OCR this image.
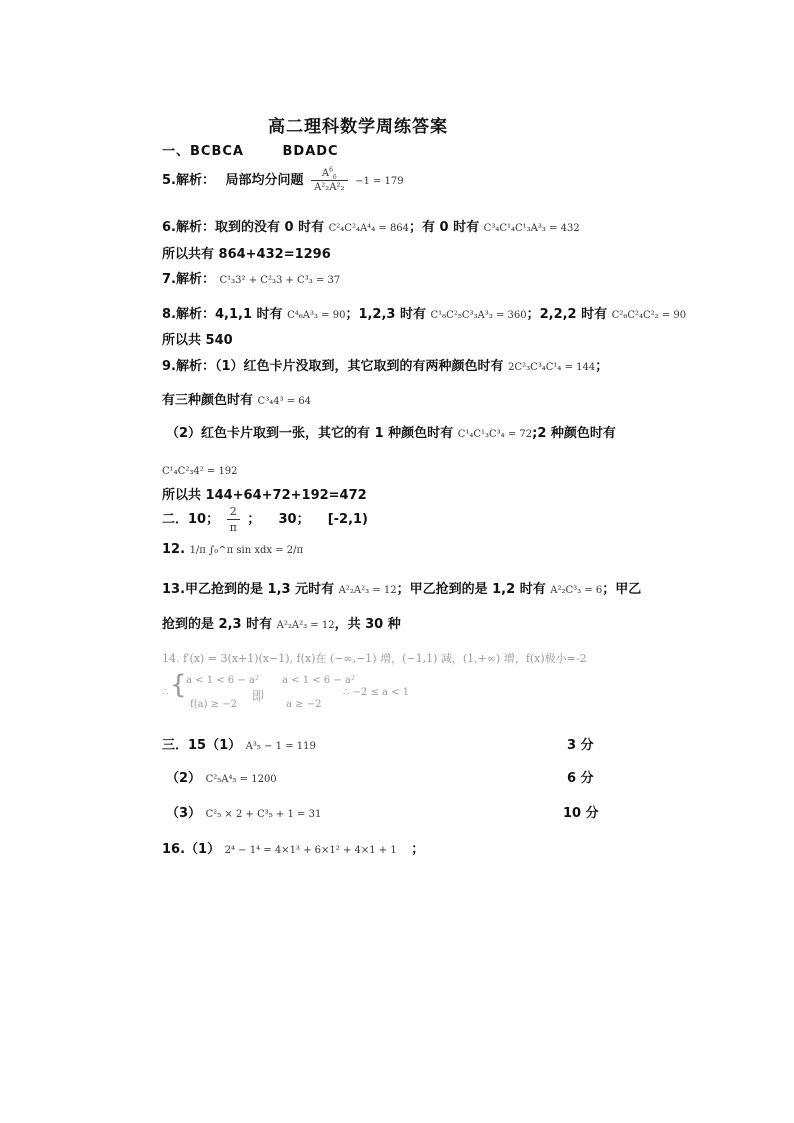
高二理科数学周练答案
一、BCBCA	BDADC
5.解析： 局部均分问题 $\frac{A^6_6}{\text{A²₂A²₂}} -1 = 179$
6.解析：取到的没有 0 时有 C²₄C²₄A⁴₄ = 864；有 0 时有 C³₄C¹₄C¹₃A³₃ = 432
所以共有 864+432=1296
7.解析： C¹₃3² + C²₃3 + C³₃ = 37
8.解析：4,1,1 时有 C⁴₆A³₃ = 90；1,2,3 时有 C¹₆C²₅C³₃A³₃ = 360；2,2,2 时有 C²₆C²₄C²₂ = 90
所以共 540
9.解析：（1）红色卡片没取到，其它取到的有两种颜色时有 2C²₃C³₄C¹₄ = 144；
有三种颜色时有 C³₄4³ = 64
（2）红色卡片取到一张，其它的有 1 种颜色时有 C¹₄C¹₃C³₄ = 72;2 种颜色时有
C¹₄C²₃4² = 192
所以共 144+64+72+192=472
二．10； $\frac{2}{\pi}$ ；    30；    [-2,1)
12. 1/π ∫₀^π sin xdx = 2/π
13.甲乙抢到的是 1,3 元时有 A²₂A²₃ = 12；甲乙抢到的是 1,2 时有 A²₂C³₃ = 6；甲乙
抢到的是 2,3 时有 A²₂A²₃ = 12，共 30 种
14. f′(x) = 3(x+1)(x−1), f(x)在 (−∞,−1) 增，(−1,1) 减，(1,+∞) 增，f(x)极小=-2
∴ { a < 1 < 6 − a²
f(a) ≥ −2
即
a < 1 < 6 − a²
a ≥ −2
∴ −2 ≤ a < 1
三．15（1） A³₅ − 1 = 119	3 分
（2） C²₅A⁴₅ = 1200	6 分
（3） C²₅ × 2 + C³₅ + 1 = 31	10 分
16.（1） 2⁴ − 1⁴ = 4×1³ + 6×1² + 4×1 + 1 ；
